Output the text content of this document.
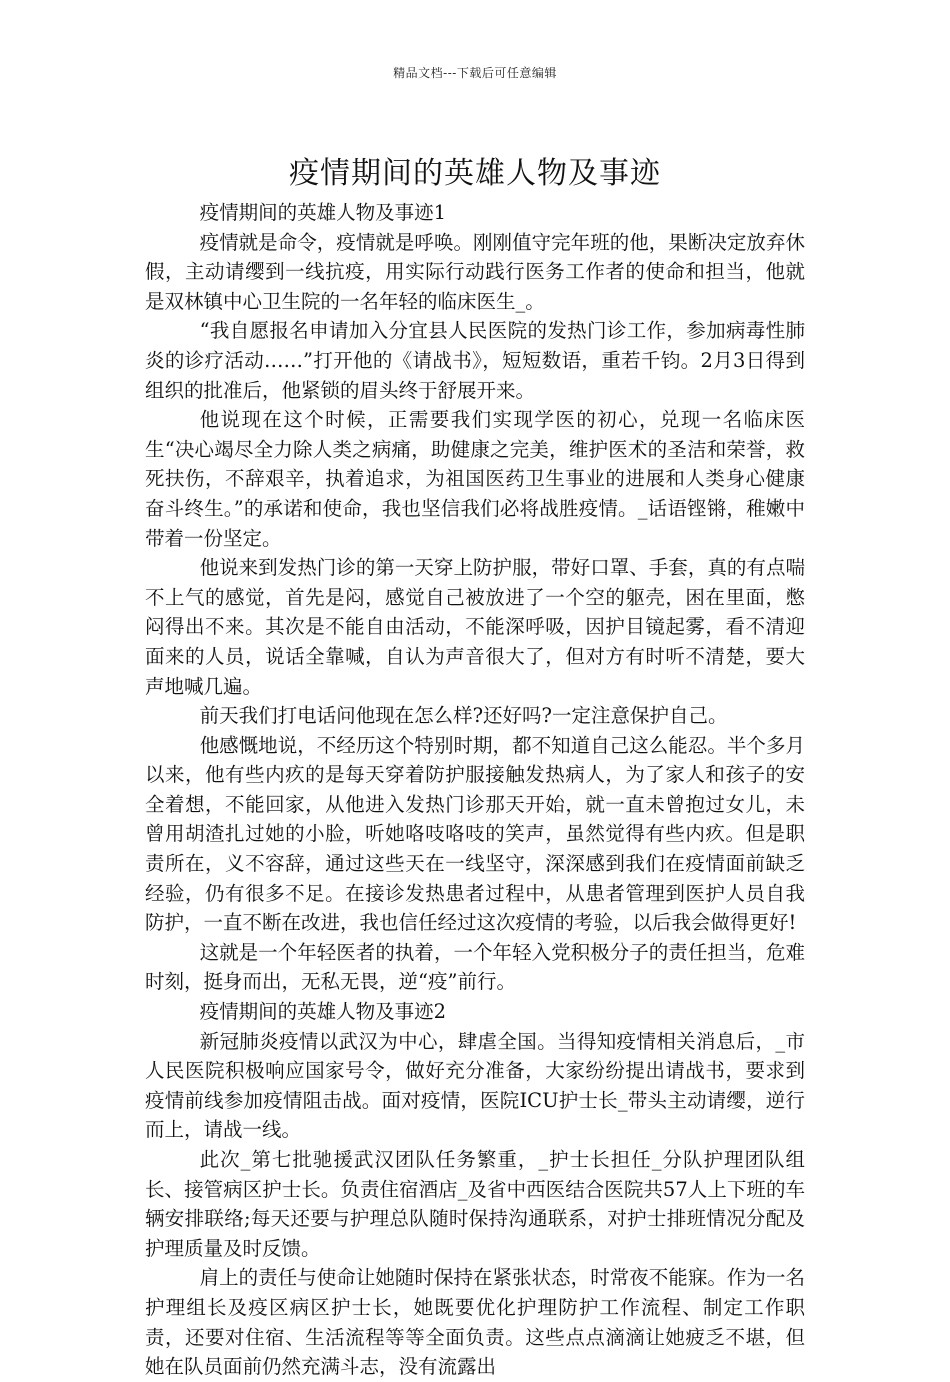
精品文档---下载后可任意编辑
疫情期间的英雄人物及事迹

疫情期间的英雄人物及事迹1

疫情就是命令，疫情就是呼唤。刚刚值守完年班的他，果断决定放弃休假，主动请缨到一线抗疫，用实际行动践行医务工作者的使命和担当，他就是双林镇中心卫生院的一名年轻的临床医生_。

“我自愿报名申请加入分宜县人民医院的发热门诊工作，参加病毒性肺炎的诊疗活动……”打开他的《请战书》，短短数语，重若千钧。2月3日得到组织的批准后，他紧锁的眉头终于舒展开来。

他说现在这个时候，正需要我们实现学医的初心，兑现一名临床医生“决心竭尽全力除人类之病痛，助健康之完美，维护医术的圣洁和荣誉，救死扶伤，不辞艰辛，执着追求，为祖国医药卫生事业的进展和人类身心健康奋斗终生。”的承诺和使命，我也坚信我们必将战胜疫情。_话语铿锵，稚嫩中带着一份坚定。

他说来到发热门诊的第一天穿上防护服，带好口罩、手套，真的有点喘不上气的感觉，首先是闷，感觉自己被放进了一个空的躯壳，困在里面，憋闷得出不来。其次是不能自由活动，不能深呼吸，因护目镜起雾，看不清迎面来的人员，说话全靠喊，自认为声音很大了，但对方有时听不清楚，要大声地喊几遍。

前天我们打电话问他现在怎么样?还好吗?一定注意保护自己。

他感慨地说，不经历这个特别时期，都不知道自己这么能忍。半个多月以来，他有些内疚的是每天穿着防护服接触发热病人，为了家人和孩子的安全着想，不能回家，从他进入发热门诊那天开始，就一直未曾抱过女儿，未曾用胡渣扎过她的小脸，听她咯吱咯吱的笑声，虽然觉得有些内疚。但是职责所在，义不容辞，通过这些天在一线坚守，深深感到我们在疫情面前缺乏经验，仍有很多不足。在接诊发热患者过程中，从患者管理到医护人员自我防护，一直不断在改进，我也信任经过这次疫情的考验，以后我会做得更好!

这就是一个年轻医者的执着，一个年轻入党积极分子的责任担当，危难时刻，挺身而出，无私无畏，逆“疫”前行。

疫情期间的英雄人物及事迹2

新冠肺炎疫情以武汉为中心，肆虐全国。当得知疫情相关消息后，_市人民医院积极响应国家号令，做好充分准备，大家纷纷提出请战书，要求到疫情前线参加疫情阻击战。面对疫情，医院ICU护士长_带头主动请缨，逆行而上，请战一线。

此次_第七批驰援武汉团队任务繁重，_护士长担任_分队护理团队组长、接管病区护士长。负责住宿酒店_及省中西医结合医院共57人上下班的车辆安排联络;每天还要与护理总队随时保持沟通联系，对护士排班情况分配及护理质量及时反馈。

肩上的责任与使命让她随时保持在紧张状态，时常夜不能寐。作为一名护理组长及疫区病区护士长，她既要优化护理防护工作流程、制定工作职责，还要对住宿、生活流程等等全面负责。这些点点滴滴让她疲乏不堪，但她在队员面前仍然充满斗志，没有流露出
